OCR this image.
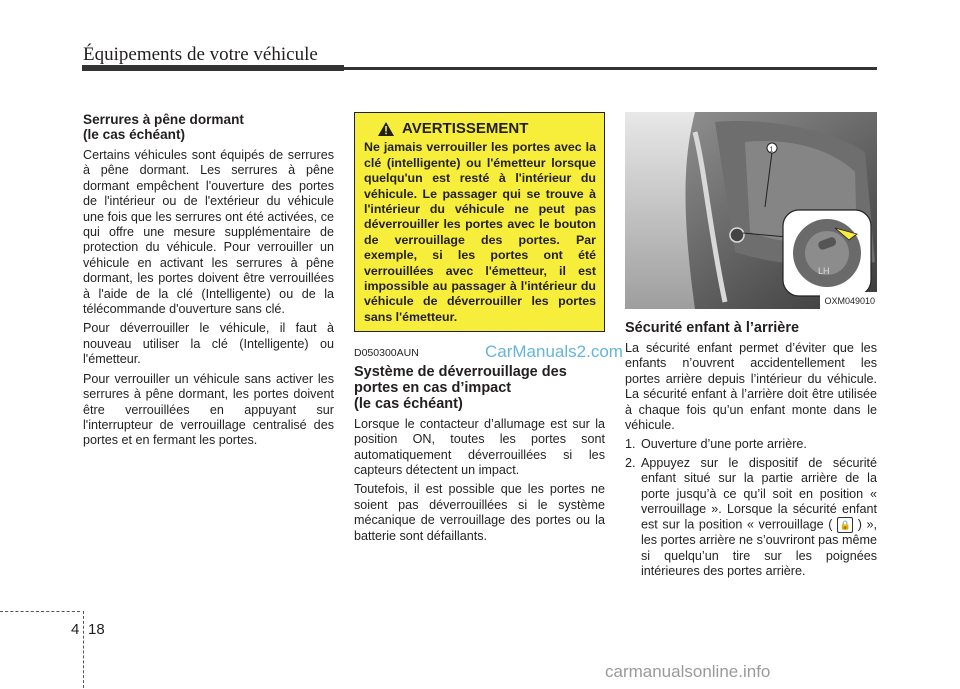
Équipements de votre véhicule
Serrures à pêne dormant
(le cas échéant)

Certains véhicules sont équipés de serrures à pêne dormant. Les serrures à pêne dormant empêchent l'ouverture des portes de l'intérieur ou de l'extérieur du véhicule une fois que les serrures ont été activées, ce qui offre une mesure supplémentaire de protection du véhicule. Pour verrouiller un véhicule en activant les serrures à pêne dormant, les portes doivent être verrouillées à l'aide de la clé (Intelligente) ou de la télécommande d'ouverture sans clé.

Pour déverrouiller le véhicule, il faut à nouveau utiliser la clé (Intelligente) ou l'émetteur.

Pour verrouiller un véhicule sans activer les serrures à pêne dormant, les portes doivent être verrouillées en appuyant sur l'interrupteur de verrouillage centralisé des portes et en fermant les portes.

AVERTISSEMENT
Ne jamais verrouiller les portes avec la clé (intelligente) ou l'émetteur lorsque quelqu'un est resté à l'intérieur du véhicule. Le passager qui se trouve à l'intérieur du véhicule ne peut pas déverrouiller les portes avec le bouton de verrouillage des portes. Par exemple, si les portes ont été verrouillées avec l'émetteur, il est impossible au passager à l'intérieur du véhicule de déverrouiller les portes sans l'émetteur.
D050300AUN
Système de déverrouillage des
portes en cas d’impact
(le cas échéant)

Lorsque le contacteur d’allumage est sur la position ON, toutes les portes sont automatiquement déverrouillées si les capteurs détectent un impact.

Toutefois, il est possible que les portes ne soient pas déverrouillées si le système mécanique de verrouillage des portes ou la batterie sont défaillants.

1
LH
OXM049010
Sécurité enfant à l’arrière

La sécurité enfant permet d’éviter que les enfants n’ouvrent accidentellement les portes arrière depuis l’intérieur du véhicule. La sécurité enfant à l’arrière doit être utilisée à chaque fois qu’un enfant monte dans le véhicule.

1. Ouverture d’une porte arrière.
2. Appuyez sur le dispositif de sécurité enfant situé sur la partie arrière de la porte jusqu’à ce qu’il soit en position « verrouillage ». Lorsque la sécurité enfant est sur la position « verrouillage ( 🔒 ) », les portes arrière ne s’ouvriront pas même si quelqu’un tire sur les poignées intérieures des portes arrière.
CarManuals2.com
4 18
carmanualsonline.info
